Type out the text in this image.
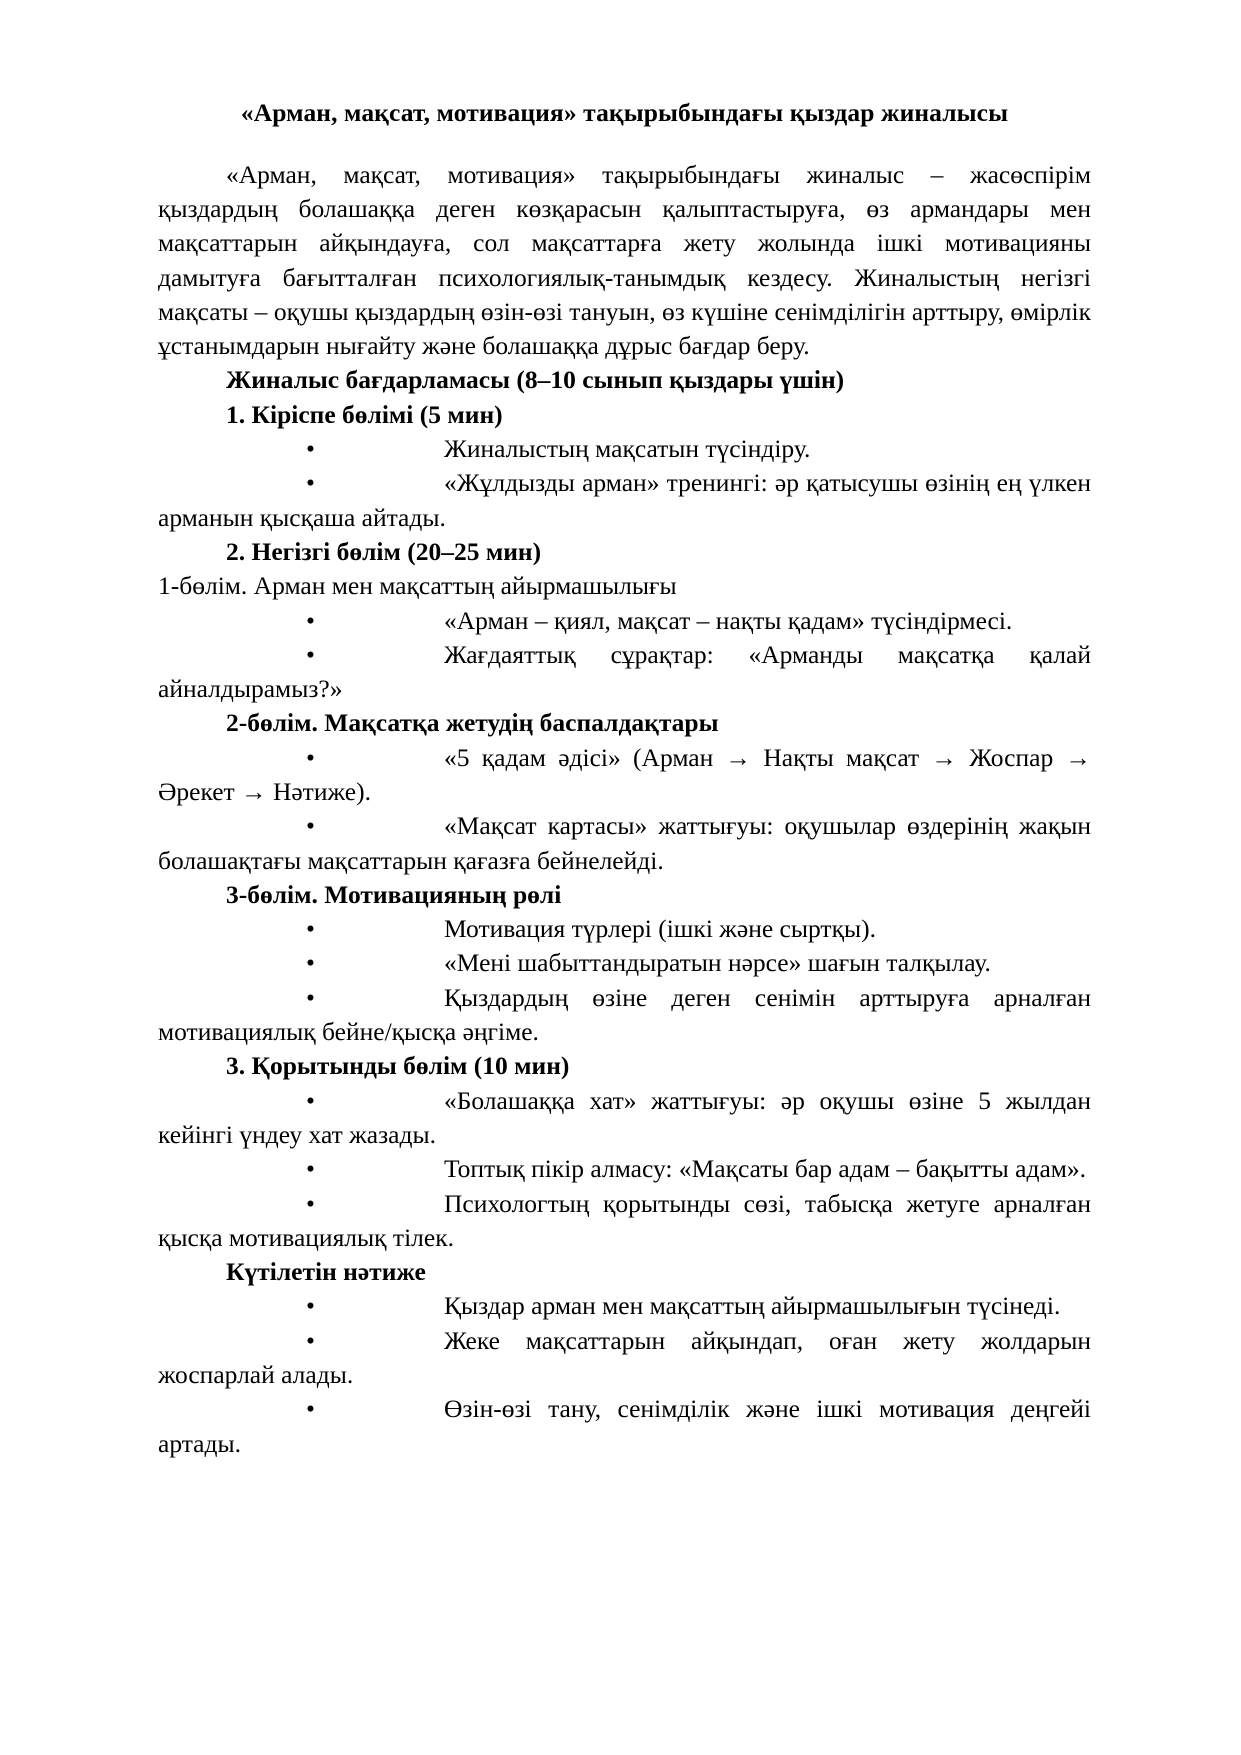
«Арман, мақсат, мотивация» тақырыбындағы қыздар жиналысы

«Арман, мақсат, мотивация» тақырыбындағы жиналыс – жасөспірім қыздардың болашаққа деген көзқарасын қалыптастыруға, өз армандары мен мақсаттарын айқындауға, сол мақсаттарға жету жолында ішкі мотивацияны дамытуға бағытталған психологиялық-танымдық кездесу. Жиналыстың негізгі мақсаты – оқушы қыздардың өзін-өзі тануын, өз күшіне сенімділігін арттыру, өмірлік ұстанымдарын нығайту және болашаққа дұрыс бағдар беру.

Жиналыс бағдарламасы (8–10 сынып қыздары үшін)

1. Кіріспе бөлімі (5 мин)

•	Жиналыстың мақсатын түсіндіру.

•	«Жұлдызды арман» тренингі: әр қатысушы өзінің ең үлкен арманын қысқаша айтады.

2. Негізгі бөлім (20–25 мин)

1-бөлім. Арман мен мақсаттың айырмашылығы

•	«Арман – қиял, мақсат – нақты қадам» түсіндірмесі.

•	Жағдаяттық сұрақтар: «Арманды мақсатқа қалай айналдырамыз?»

2-бөлім. Мақсатқа жетудің баспалдақтары

•	«5 қадам әдісі» (Арман → Нақты мақсат → Жоспар → Әрекет → Нәтиже).

•	«Мақсат картасы» жаттығуы: оқушылар өздерінің жақын болашақтағы мақсаттарын қағазға бейнелейді.

3-бөлім. Мотивацияның рөлі

•	Мотивация түрлері (ішкі және сыртқы).

•	«Мені шабыттандыратын нәрсе» шағын талқылау.

•	Қыздардың өзіне деген сенімін арттыруға арналған мотивациялық бейне/қысқа әңгіме.

3. Қорытынды бөлім (10 мин)

•	«Болашаққа хат» жаттығуы: әр оқушы өзіне 5 жылдан кейінгі үндеу хат жазады.

•	Топтық пікір алмасу: «Мақсаты бар адам – бақытты адам».

•	Психологтың қорытынды сөзі, табысқа жетуге арналған қысқа мотивациялық тілек.

Күтілетін нәтиже

•	Қыздар арман мен мақсаттың айырмашылығын түсінеді.

•	Жеке мақсаттарын айқындап, оған жету жолдарын жоспарлай алады.

•	Өзін-өзі тану, сенімділік және ішкі мотивация деңгейі артады.
